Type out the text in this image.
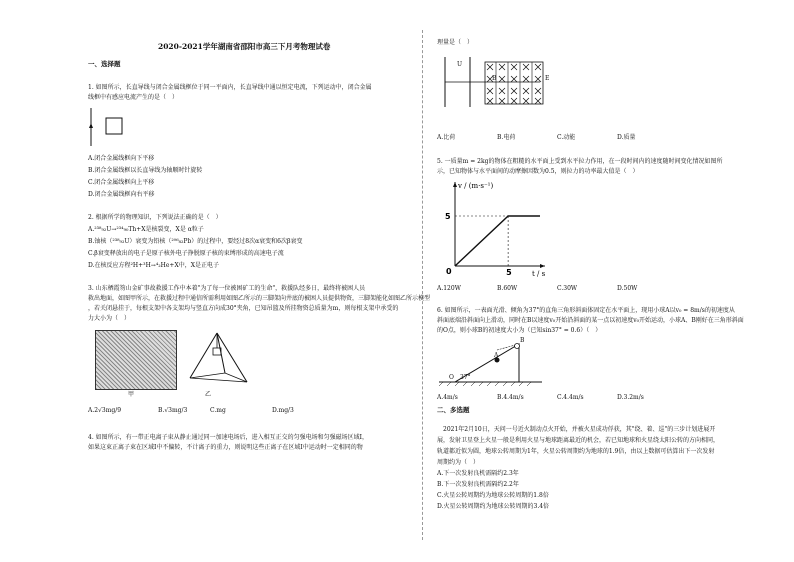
2020-2021学年湖南省邵阳市高三下月考物理试卷
一、选择题
1. 如图所示，长直导线与闭合金属线框位于同一平面内，长直导线中通以恒定电流，下列运动中，闭合金属
线框中有感应电流产生的是（　）
A.闭合金属线框向下平移
B.闭合金属线框以长直导线为轴顺时针旋转
C.闭合金属线框向上平移
D.闭合金属线框向右平移
2. 根据所学的物理知识，下列说法正确的是（　）
A.²³⁸₉₂U→²³⁴₉₀Th+X是核裂变，X是 α粒子
B.铀核（²³⁸₉₂U）衰变为铅核（²⁰⁶₈₂Pb）的过程中，要经过8次α衰变和6次β衰变
C.β衰变释放出的电子是原子核外电子挣脱原子核的束缚形成的高速电子流
D.在核反应方程²H+³H→⁴₂He+X中，X是正电子
3. 山东栖霞笏山金矿事故救援工作中本着"为了每一位被困矿工的生命"，救援队经多日，最终将被困人员
救出地面，如图甲所示，在救援过程中通信所需利用如图乙所示的三脚架向井底的被困人员提供物资，三脚架能化如图乙所示模型
，若关闭悬挂于，每根支架中各支架均与竖直方向成30°夹角，已知吊篮及所挂物资总质量为m，则每根支架中承受的
力大小为（　）
甲	乙
A.2√3mg/9	B.√3mg/3	C.mg	D.mg/3
4. 如图所示，有一带正电离子束从静止通过同一加速电场后，进入相互正交的匀强电场和匀强磁场区域Ⅰ，
如果这束正离子束在区域Ⅰ中不偏转，不计离子的重力，则说明这些正离子在区域Ⅰ中运动时一定相同的物
理量是（　）
U
B	E
A.比荷	B.电荷	C.动能	D.质量
5. 一质量m = 2kg的物体在粗糙的水平面上受到水平拉力作用，在一段时间内的速度随时间变化情况如图所
示，已知物体与水平面间的动摩擦因数为0.5，则拉力的功率最大值是（　）
v / (m·s⁻¹)
t / s
0
5
5
A.120W	B.60W	C.30W	D.50W
6. 如图所示，一表面光滑、倾角为37°的直角三角形斜面体固定在水平面上，现用小球A以v₀ = 8m/s的初速度从
斜面底端沿斜面向上滑动，同时在B以速度v₀开始沿斜面的某一点以初速度v₀开始运动，小球A、B刚好在三角形斜面
的O点，则小球B的初速度大小为（已知sin37° = 0.6）（　）
O 37°
A
B
A.4m/s	B.4.4m/s	C.4.4m/s	D.3.2m/s
二、多选题
　2021年2月10日，天问一号近火制动点火开始，并被火星成功俘获，其"绕、着、巡"的三步计划进展开
展，发射卫星登上火星一般是利用火星与地球距离最近的机会，若已知地球和火星绕太阳公转的方向相同，
轨道都近似为圆，地球公转周期为1年，火星公转周期约为地球的1.9倍，由以上数据可估算出下一次发射
周期约为（　）
A.下一次发射良机需隔约2.3年
B.下一次发射良机需隔约2.2年
C.火星公转周期约为地球公转周期的1.8倍
D.火星公转周期约为地球公转周期的3.4倍
